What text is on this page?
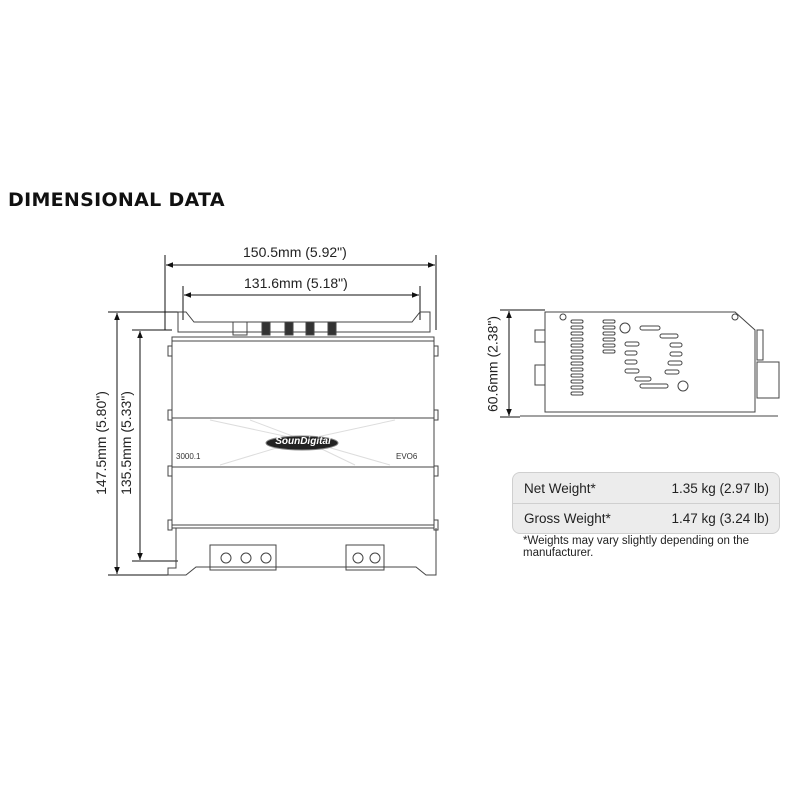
DIMENSIONAL DATA
150.5mm (5.92")
131.6mm (5.18")
147.5mm (5.80") 135.5mm (5.33")
60.6mm (2.38")
SounDigital
3000.1	EVO6
Net Weight*	1.35 kg (2.97 lb)
Gross Weight*	1.47 kg (3.24 lb)
*Weights may vary slightly depending on the manufacturer.
